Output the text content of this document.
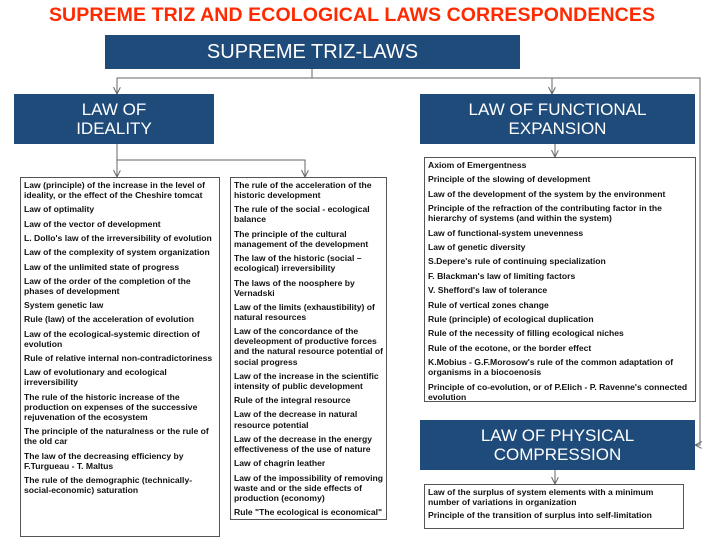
SUPREME TRIZ AND ECOLOGICAL LAWS CORRESPONDENCES
SUPREME TRIZ-LAWS
LAW OF
IDEALITY
LAW OF FUNCTIONAL
EXPANSION
LAW OF PHYSICAL
COMPRESSION
Law (principle) of the increase in the level of ideality, or the effect of the Cheshire tomcat
Law of optimality
Law of the vector of development
L. Dollo's law of the irreversibility of evolution
Law of the complexity of system organization
Law of the unlimited state of progress
Law of the order of the completion of the phases of development
System genetic law
Rule (law) of the acceleration of evolution
Law of the ecological-systemic direction of evolution
Rule of relative internal non-contradictoriness
Law of evolutionary and ecological irreversibility
The rule of the historic increase of the production on expenses of the successive rejuvenation of the ecosystem
The principle of the naturalness or the rule of the old car
The law of the decreasing efficiency by F.Turgueau - T. Maltus
The rule of the demographic (technically-social-economic) saturation
The rule of the acceleration of the historic development
The rule of the social - ecological balance
The principle of the cultural management of the development
The law of the historic (social – ecological) irreversibility
The laws of the noosphere by Vernadski
Law of the limits (exhaustibility) of natural resources
Law of the concordance of the develeopment of productive forces and the natural resource potential of social progress
Law of the increase in the scientific intensity of public development
Rule of the integral resource
Law of the decrease in natural resource potential
Law of the decrease in the energy effectiveness of the use of nature
Law of chagrin leather
Law of the impossibility of removing waste and or the side effects of production (economy)
Rule "The ecological is economical"
Axiom of Emergentness
Principle of the slowing of development
Law of the development of the system by the environment
Principle of the refraction of the contributing factor in the hierarchy of systems (and within the system)
Law of functional-system unevenness
Law of genetic diversity
S.Depere's rule of continuing specialization
F. Blackman's law of limiting factors
V. Shefford's law of tolerance
Rule of vertical zones change
Rule (principle) of ecological duplication
Rule of the necessity of filling ecological niches
Rule of the ecotone, or the border effect
K.Mobius - G.F.Morosow's rule of the common adaptation of organisms in a biocoenosis
Principle of co-evolution, or of P.Elich - P. Ravenne's connected evolution
Law of the surplus of system elements with a minimum number of variations in organization
Principle of the transition of surplus into self-limitation
